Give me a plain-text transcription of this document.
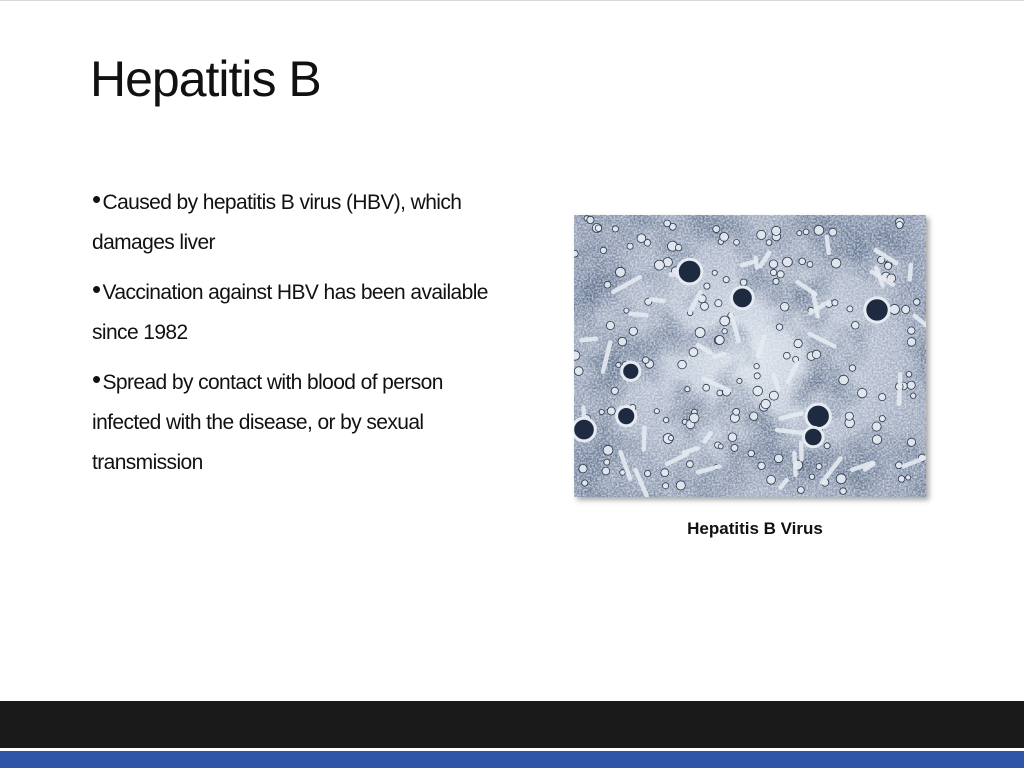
Hepatitis B
•Caused by hepatitis B virus (HBV), which damages liver
•Vaccination against HBV has been available since 1982
•Spread by contact with blood of person infected with the disease, or by sexual transmission
Hepatitis B Virus
